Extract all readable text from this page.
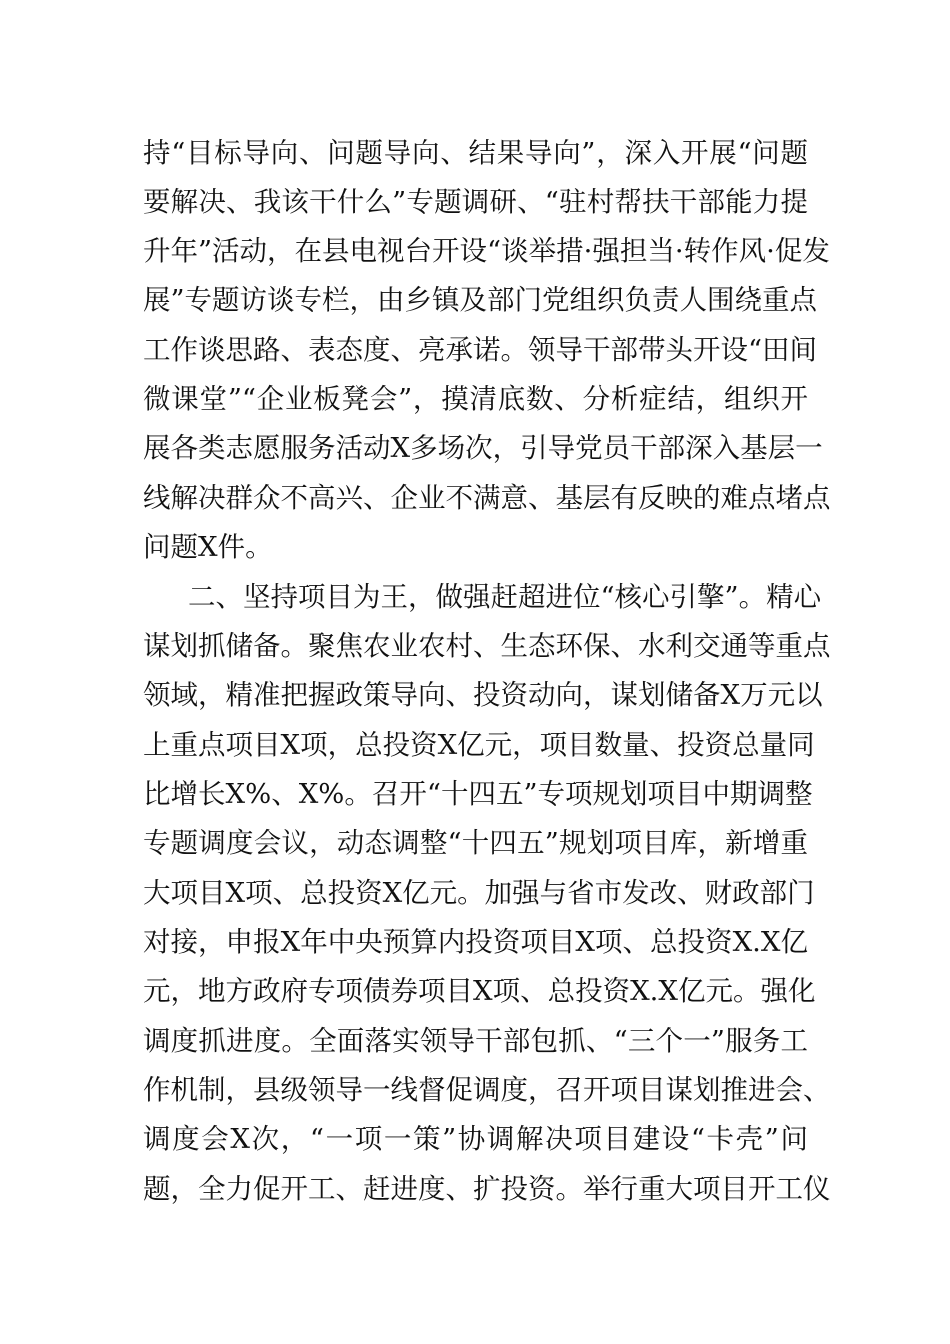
持“目标导向、问题导向、结果导向”，深入开展“问题
要解决、我该干什么”专题调研、“驻村帮扶干部能力提
升年”活动，在县电视台开设“谈举措·强担当·转作风·促发
展”专题访谈专栏，由乡镇及部门党组织负责人围绕重点
工作谈思路、表态度、亮承诺。领导干部带头开设“田间
微课堂”“企业板凳会”，摸清底数、分析症结，组织开
展各类志愿服务活动X多场次，引导党员干部深入基层一
线解决群众不高兴、企业不满意、基层有反映的难点堵点
问题X件。
二、坚持项目为王，做强赶超进位“核心引擎”。精心
谋划抓储备。聚焦农业农村、生态环保、水利交通等重点
领域，精准把握政策导向、投资动向，谋划储备X万元以
上重点项目X项，总投资X亿元，项目数量、投资总量同
比增长X%、X%。召开“十四五”专项规划项目中期调整
专题调度会议，动态调整“十四五”规划项目库，新增重
大项目X项、总投资X亿元。加强与省市发改、财政部门
对接，申报X年中央预算内投资项目X项、总投资X.X亿
元，地方政府专项债券项目X项、总投资X.X亿元。强化
调度抓进度。全面落实领导干部包抓、“三个一”服务工
作机制，县级领导一线督促调度，召开项目谋划推进会、
调度会X次，“一项一策”协调解决项目建设“卡壳”问
题，全力促开工、赶进度、扩投资。举行重大项目开工仪
